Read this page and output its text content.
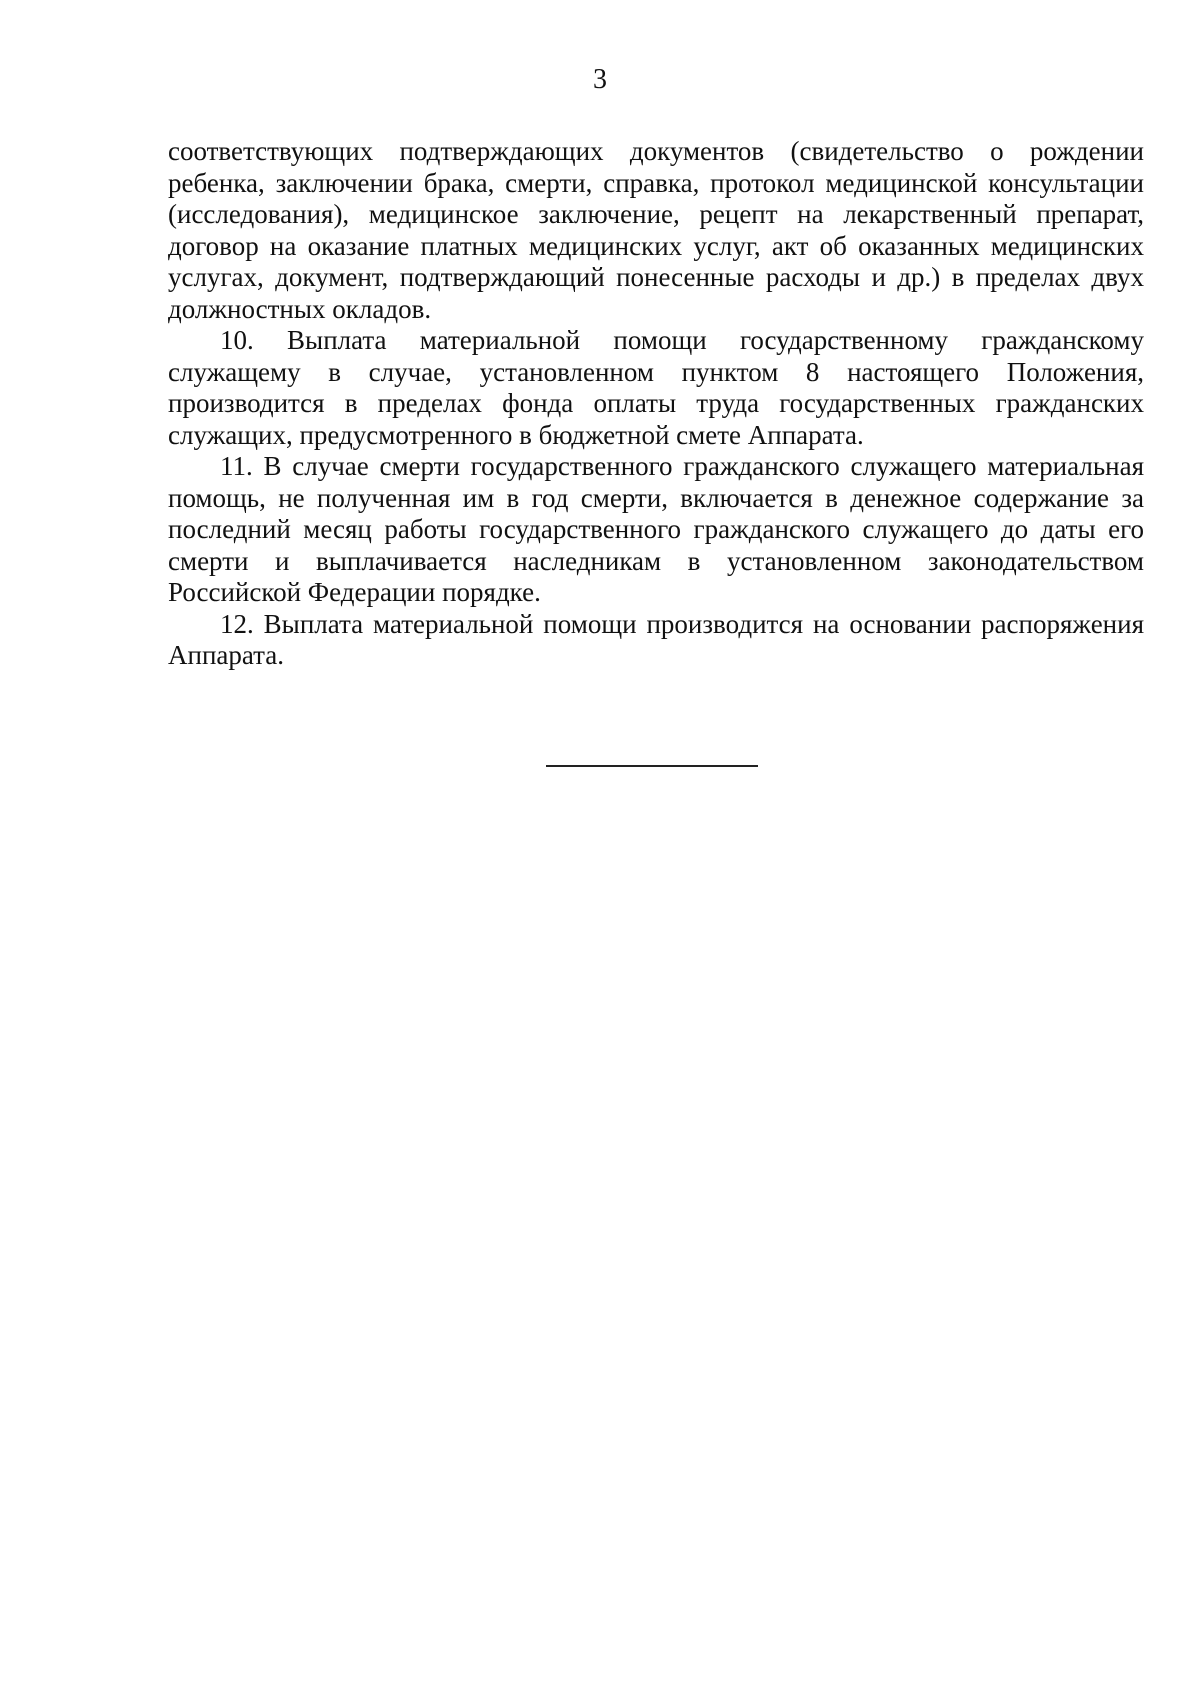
3

соответствующих подтверждающих документов (свидетельство о рождении ребенка, заключении брака, смерти, справка, протокол медицинской консультации (исследования), медицинское заключение, рецепт на лекарственный препарат, договор на оказание платных медицинских услуг, акт об оказанных медицинских услугах, документ, подтверждающий понесенные расходы и др.) в пределах двух должностных окладов.

10. Выплата материальной помощи государственному гражданскому служащему в случае, установленном пунктом 8 настоящего Положения, производится в пределах фонда оплаты труда государственных гражданских служащих, предусмотренного в бюджетной смете Аппарата.

11. В случае смерти государственного гражданского служащего материальная помощь, не полученная им в год смерти, включается в денежное содержание за последний месяц работы государственного гражданского служащего до даты его смерти и выплачивается наследникам в установленном законодательством Российской Федерации порядке.

12. Выплата материальной помощи производится на основании распоряжения Аппарата.
